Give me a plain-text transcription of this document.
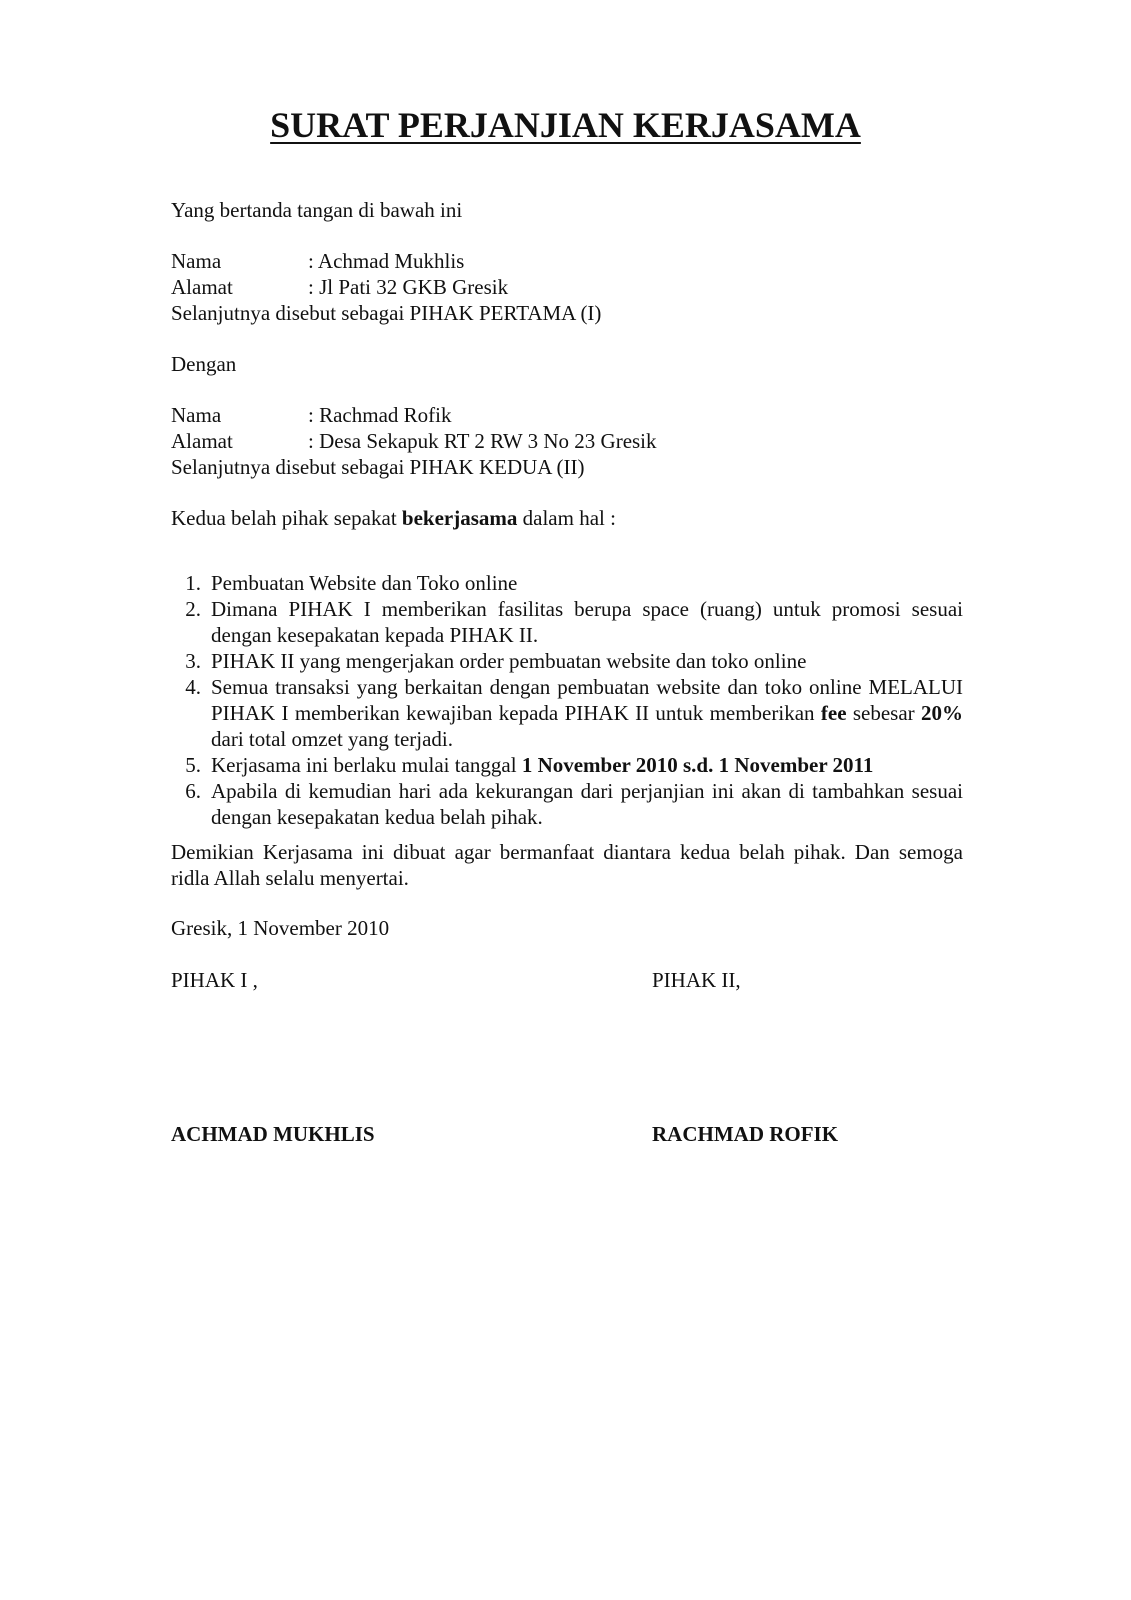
SURAT PERJANJIAN KERJASAMA
Yang bertanda tangan di bawah ini
Nama	: Achmad Mukhlis
Alamat	: Jl Pati 32 GKB Gresik
Selanjutnya disebut sebagai PIHAK PERTAMA (I)
Dengan
Nama	: Rachmad Rofik
Alamat	: Desa Sekapuk RT 2 RW 3 No 23 Gresik
Selanjutnya disebut sebagai PIHAK KEDUA (II)
Kedua belah pihak sepakat bekerjasama dalam hal :
1. Pembuatan Website dan Toko online
2. Dimana PIHAK I memberikan fasilitas berupa space (ruang) untuk promosi sesuai dengan kesepakatan kepada PIHAK II.
3. PIHAK II yang mengerjakan order pembuatan website dan toko online
4. Semua transaksi yang berkaitan dengan pembuatan website dan toko online MELALUI PIHAK I memberikan kewajiban kepada PIHAK II untuk memberikan fee sebesar 20% dari total omzet yang terjadi.
5. Kerjasama ini berlaku mulai tanggal 1 November 2010 s.d. 1 November 2011
6. Apabila di kemudian hari ada kekurangan dari perjanjian ini akan di tambahkan sesuai dengan kesepakatan kedua belah pihak.
Demikian Kerjasama ini dibuat agar bermanfaat diantara kedua belah pihak. Dan semoga ridla Allah selalu menyertai.
Gresik, 1 November 2010
PIHAK I ,	PIHAK II,
ACHMAD MUKHLIS	RACHMAD ROFIK
